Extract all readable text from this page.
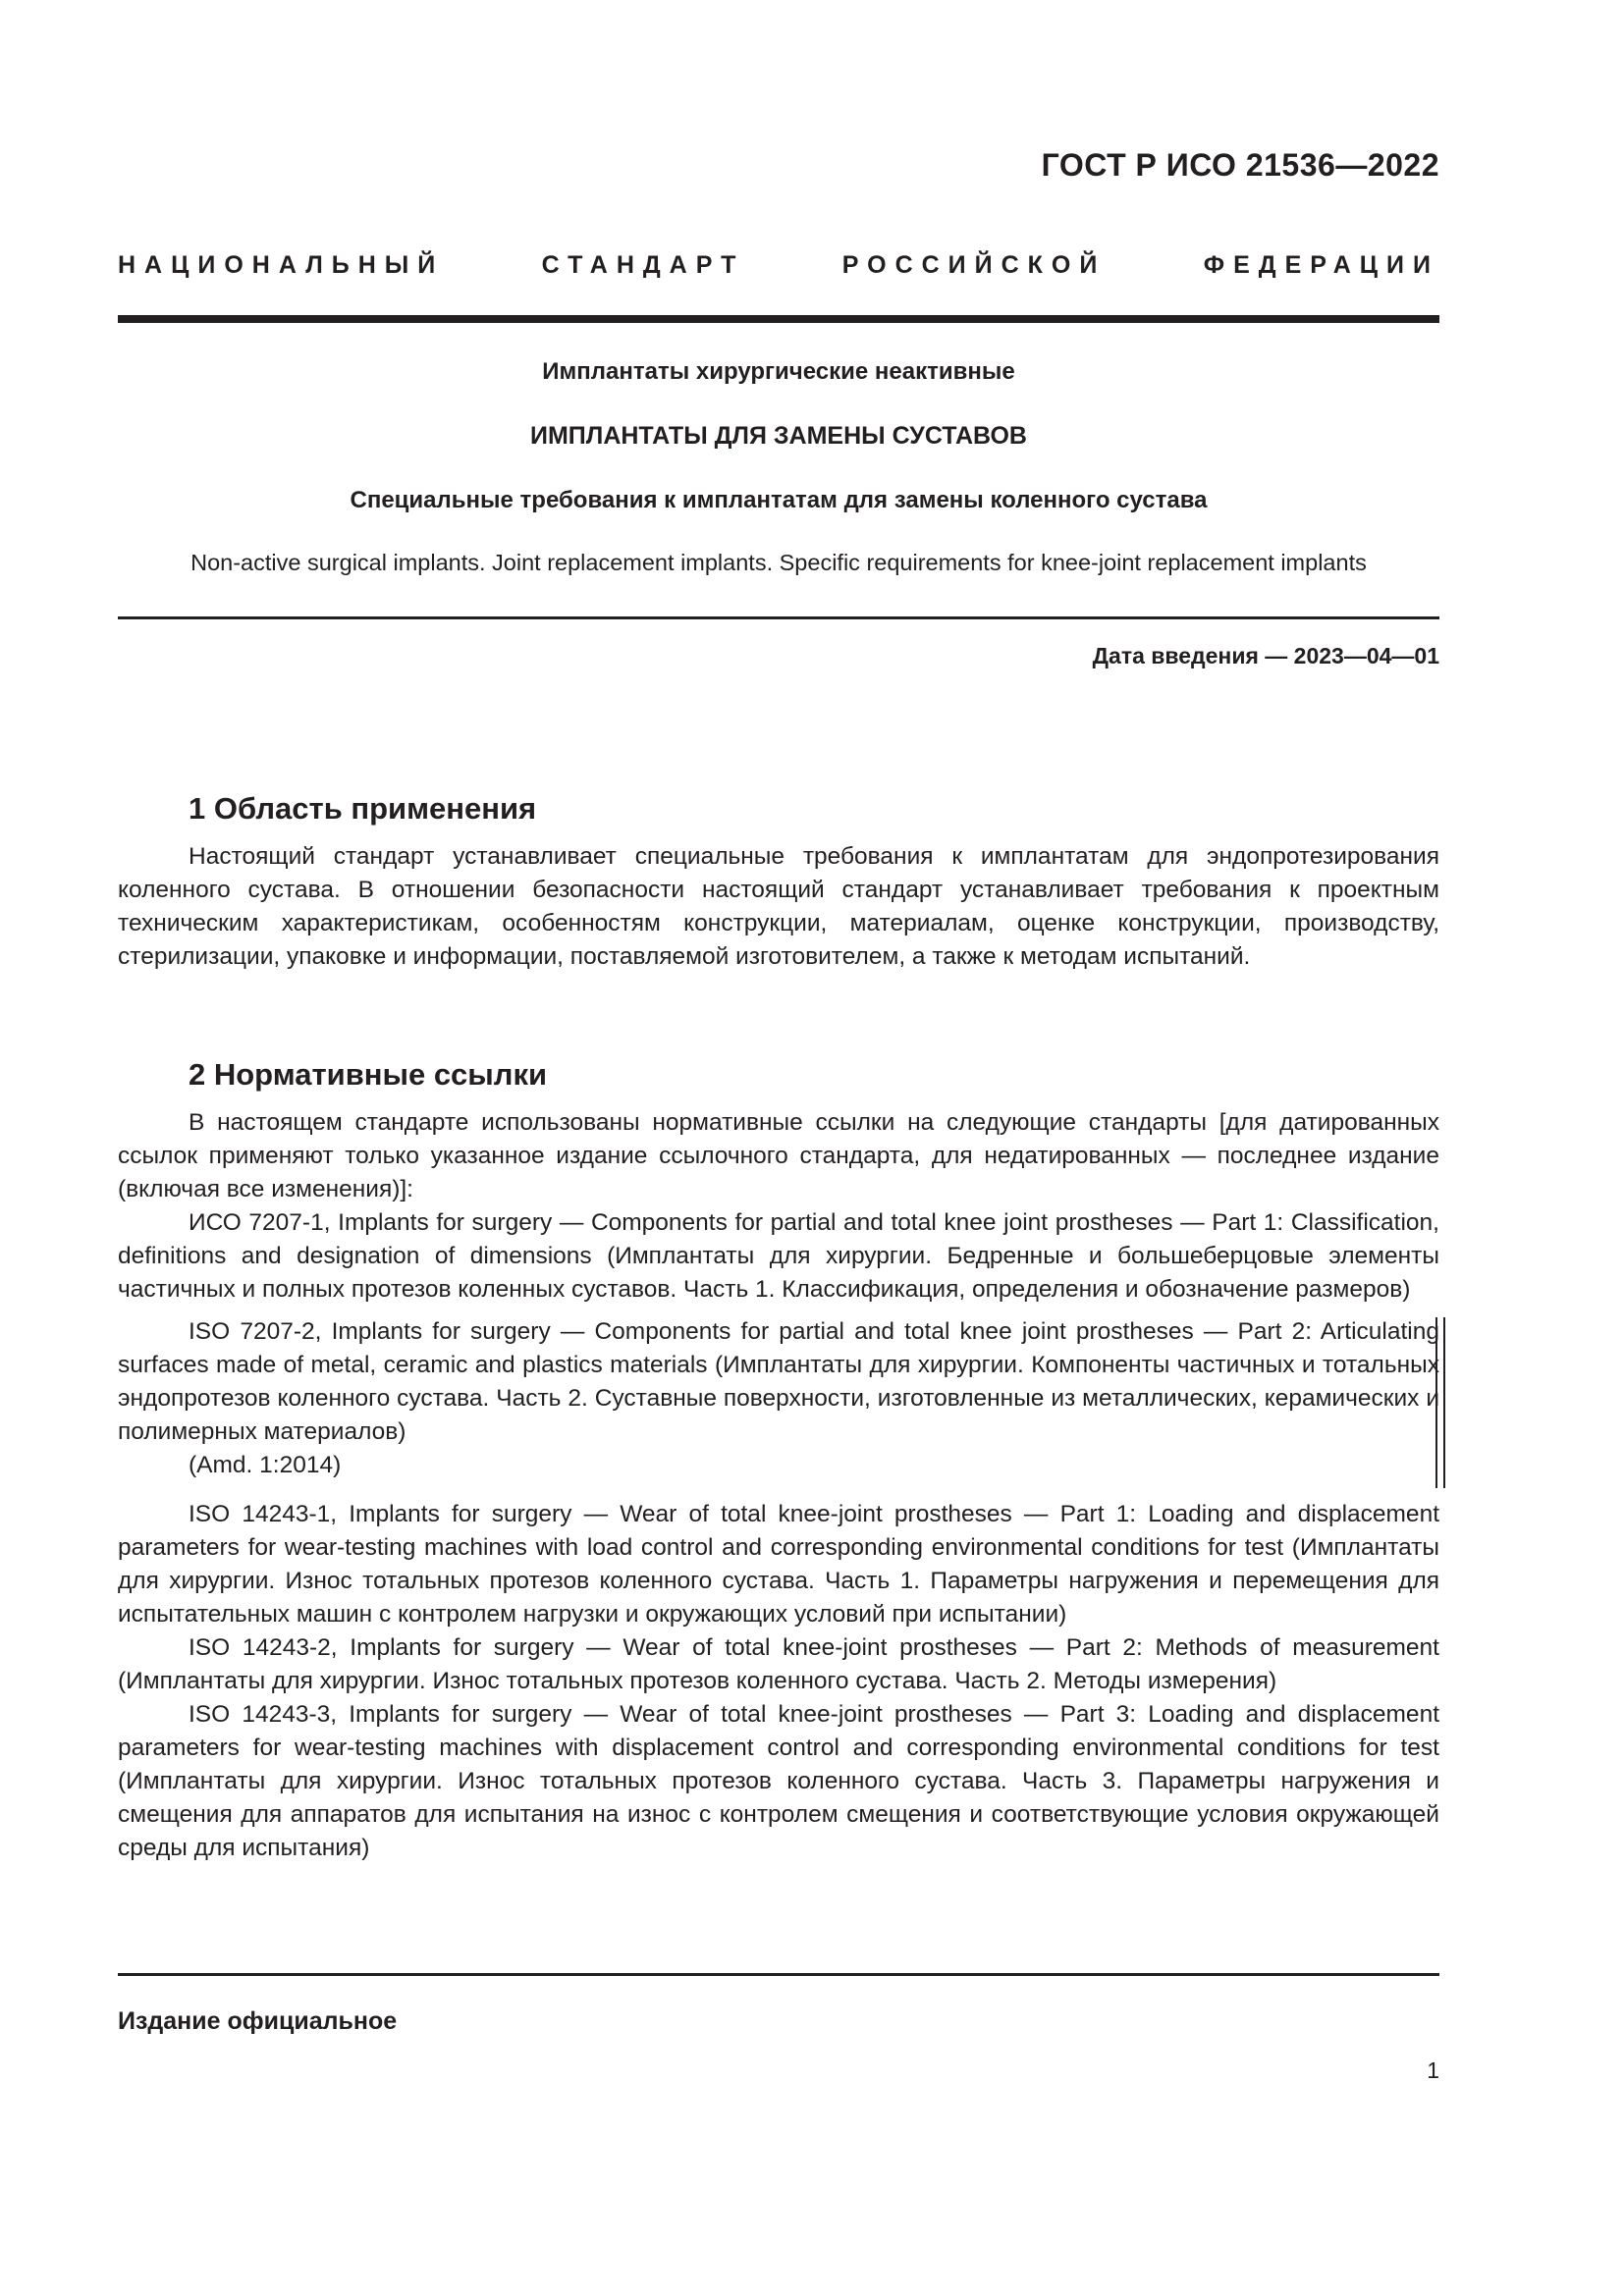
ГОСТ Р ИСО 21536—2022
НАЦИОНАЛЬНЫЙ СТАНДАРТ РОССИЙСКОЙ ФЕДЕРАЦИИ
Имплантаты хирургические неактивные
ИМПЛАНТАТЫ ДЛЯ ЗАМЕНЫ СУСТАВОВ
Специальные требования к имплантатам для замены коленного сустава
Non-active surgical implants. Joint replacement implants. Specific requirements for knee-joint replacement implants
Дата введения — 2023—04—01
1 Область применения

Настоящий стандарт устанавливает специальные требования к имплантатам для эндопротезирования коленного сустава. В отношении безопасности настоящий стандарт устанавливает требования к проектным техническим характеристикам, особенностям конструкции, материалам, оценке конструкции, производству, стерилизации, упаковке и информации, поставляемой изготовителем, а также к методам испытаний.

2 Нормативные ссылки

В настоящем стандарте использованы нормативные ссылки на следующие стандарты [для датированных ссылок применяют только указанное издание ссылочного стандарта, для недатированных — последнее издание (включая все изменения)]:

ИСО 7207-1, Implants for surgery — Components for partial and total knee joint prostheses — Part 1: Classification, definitions and designation of dimensions (Имплантаты для хирургии. Бедренные и большеберцовые элементы частичных и полных протезов коленных суставов. Часть 1. Классификация, определения и обозначение размеров)

ISO 7207-2, Implants for surgery — Components for partial and total knee joint prostheses — Part 2: Articulating surfaces made of metal, ceramic and plastics materials (Имплантаты для хирургии. Компоненты частичных и тотальных эндопротезов коленного сустава. Часть 2. Суставные поверхности, изготовленные из металлических, керамических и полимерных материалов)

(Amd. 1:2014)

ISO 14243-1, Implants for surgery — Wear of total knee-joint prostheses — Part 1: Loading and displacement parameters for wear-testing machines with load control and corresponding environmental conditions for test (Имплантаты для хирургии. Износ тотальных протезов коленного сустава. Часть 1. Параметры нагружения и перемещения для испытательных машин с контролем нагрузки и окружающих условий при испытании)

ISO 14243-2, Implants for surgery — Wear of total knee-joint prostheses — Part 2: Methods of measurement (Имплантаты для хирургии. Износ тотальных протезов коленного сустава. Часть 2. Методы измерения)

ISO 14243-3, Implants for surgery — Wear of total knee-joint prostheses — Part 3: Loading and displacement parameters for wear-testing machines with displacement control and corresponding environmental conditions for test (Имплантаты для хирургии. Износ тотальных протезов коленного сустава. Часть 3. Параметры нагружения и смещения для аппаратов для испытания на износ с контролем смещения и соответствующие условия окружающей среды для испытания)

Издание официальное
1
